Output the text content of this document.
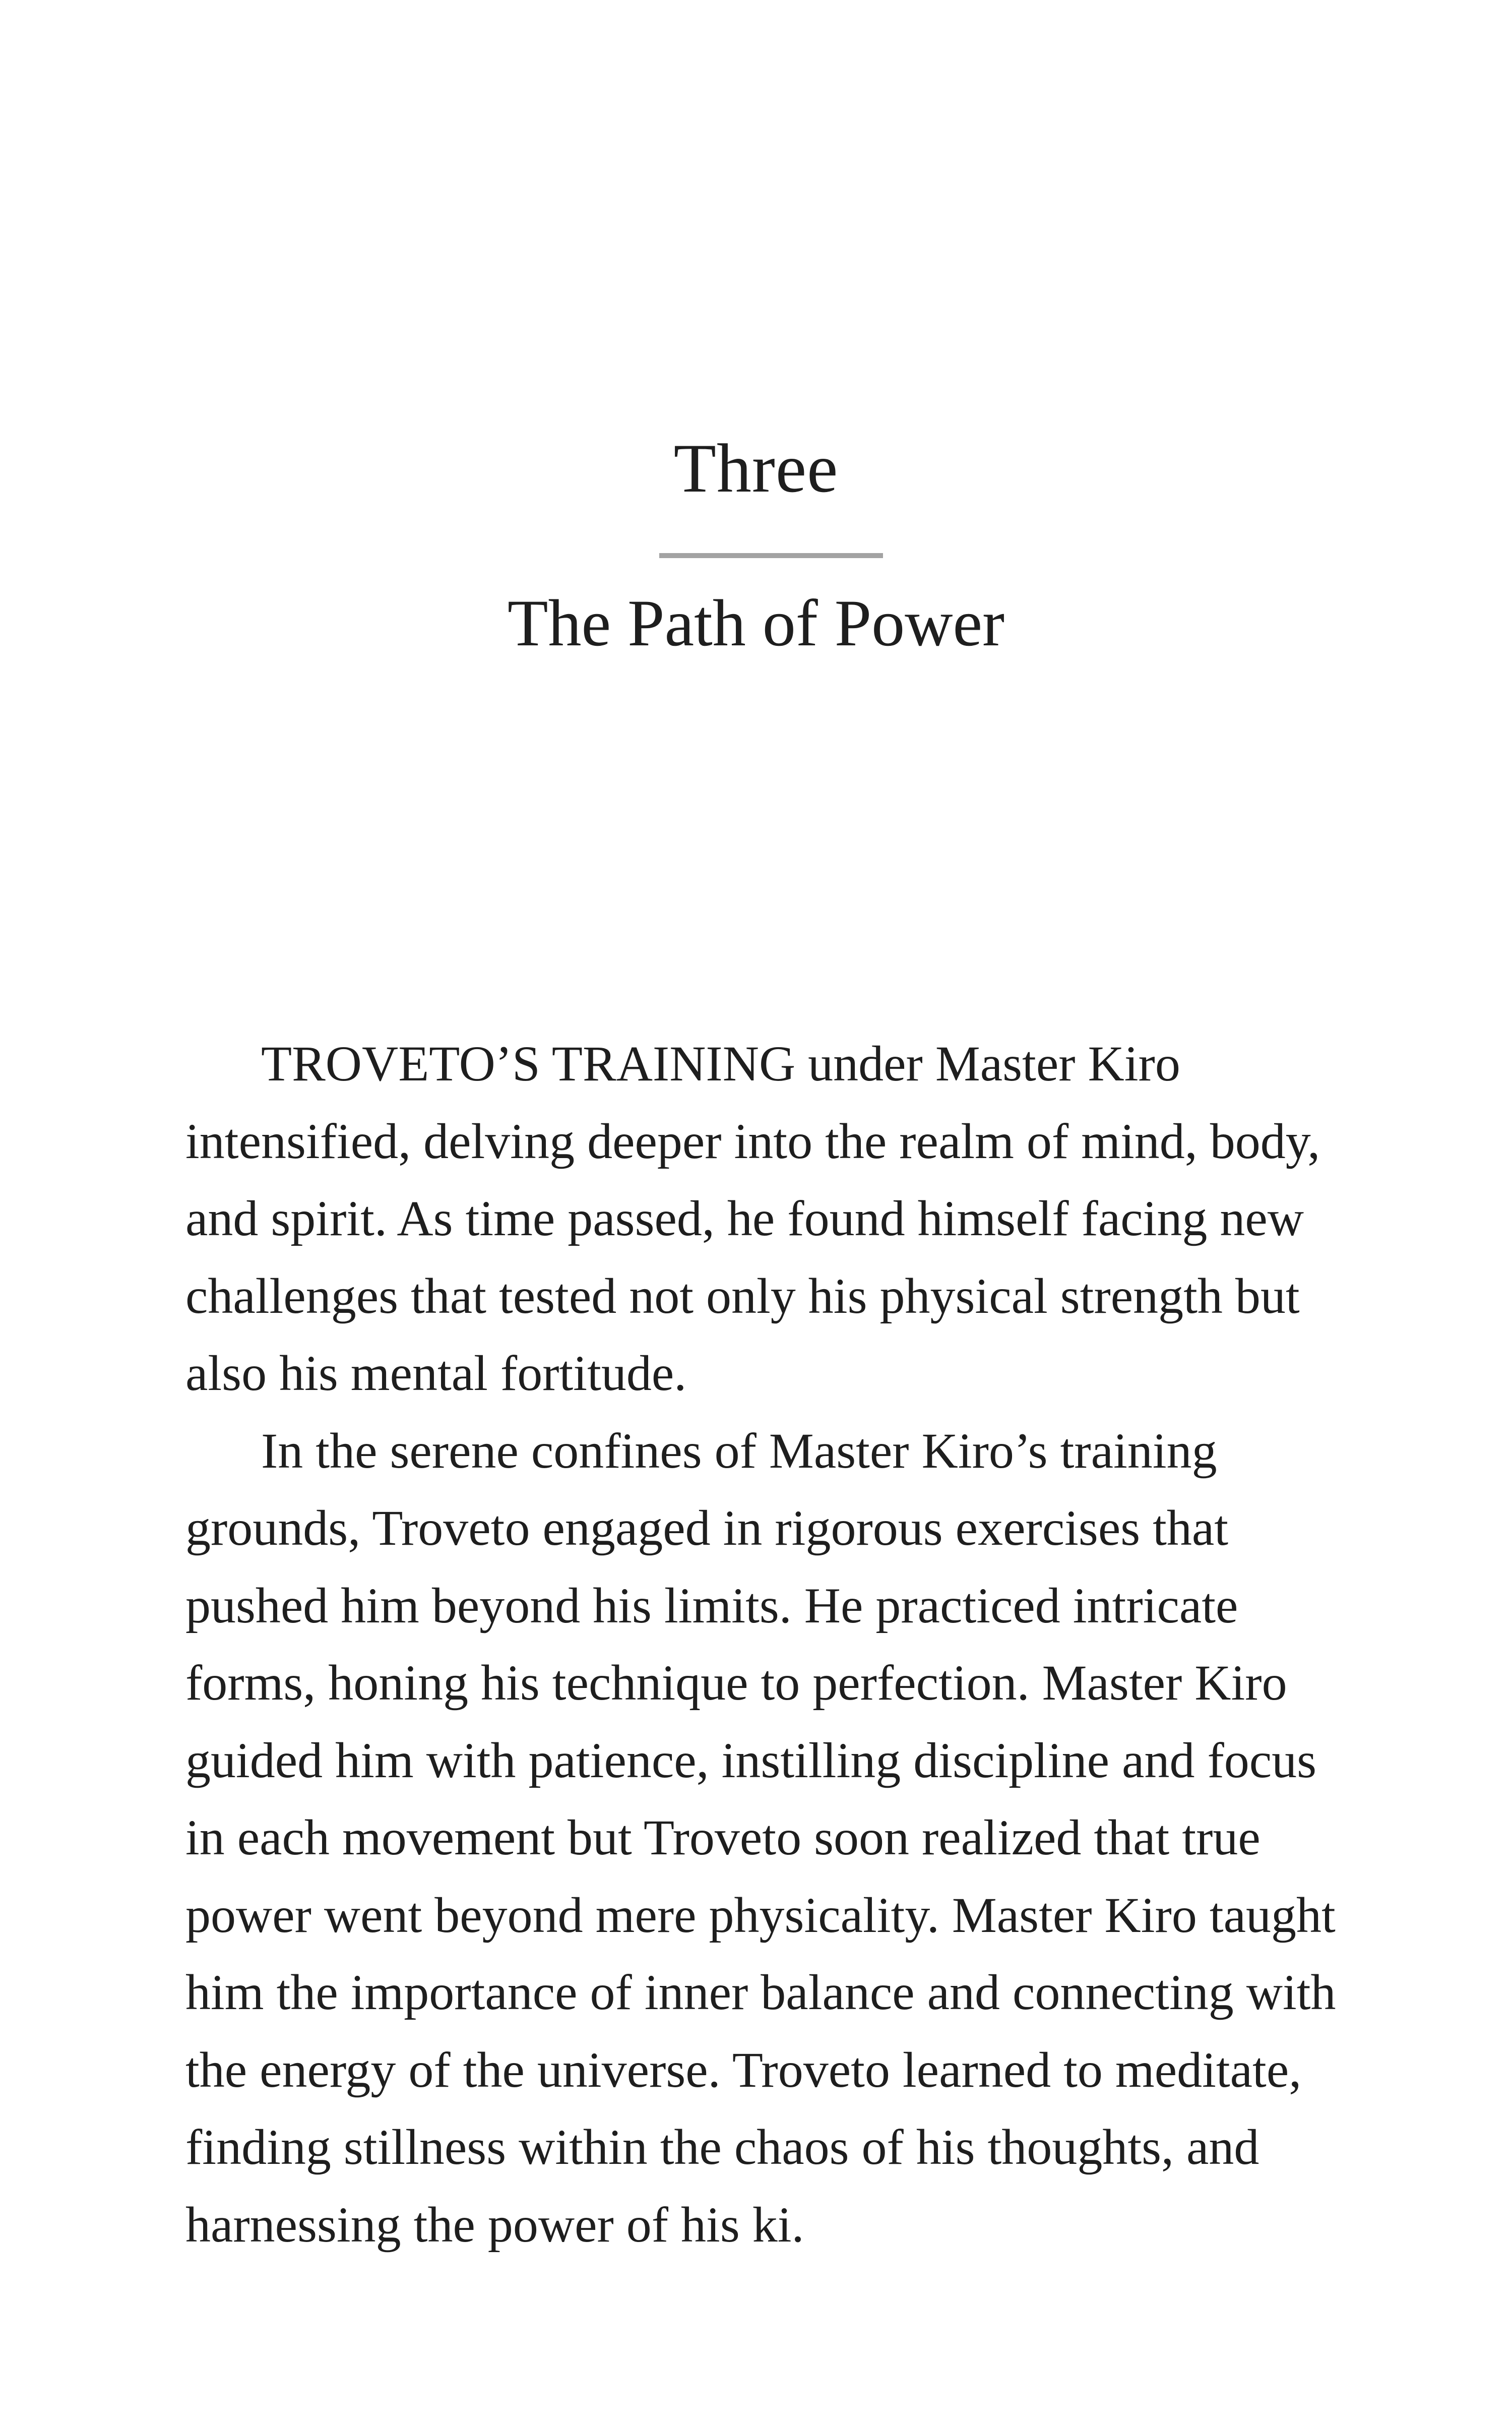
Three
The Path of Power
TROVETO’S TRAINING under Master Kiro
intensified, delving deeper into the realm of mind, body,
and spirit. As time passed, he found himself facing new
challenges that tested not only his physical strength but
also his mental fortitude.
In the serene confines of Master Kiro’s training
grounds, Troveto engaged in rigorous exercises that
pushed him beyond his limits. He practiced intricate
forms, honing his technique to perfection. Master Kiro
guided him with patience, instilling discipline and focus
in each movement but Troveto soon realized that true
power went beyond mere physicality. Master Kiro taught
him the importance of inner balance and connecting with
the energy of the universe. Troveto learned to meditate,
finding stillness within the chaos of his thoughts, and
harnessing the power of his ki.
